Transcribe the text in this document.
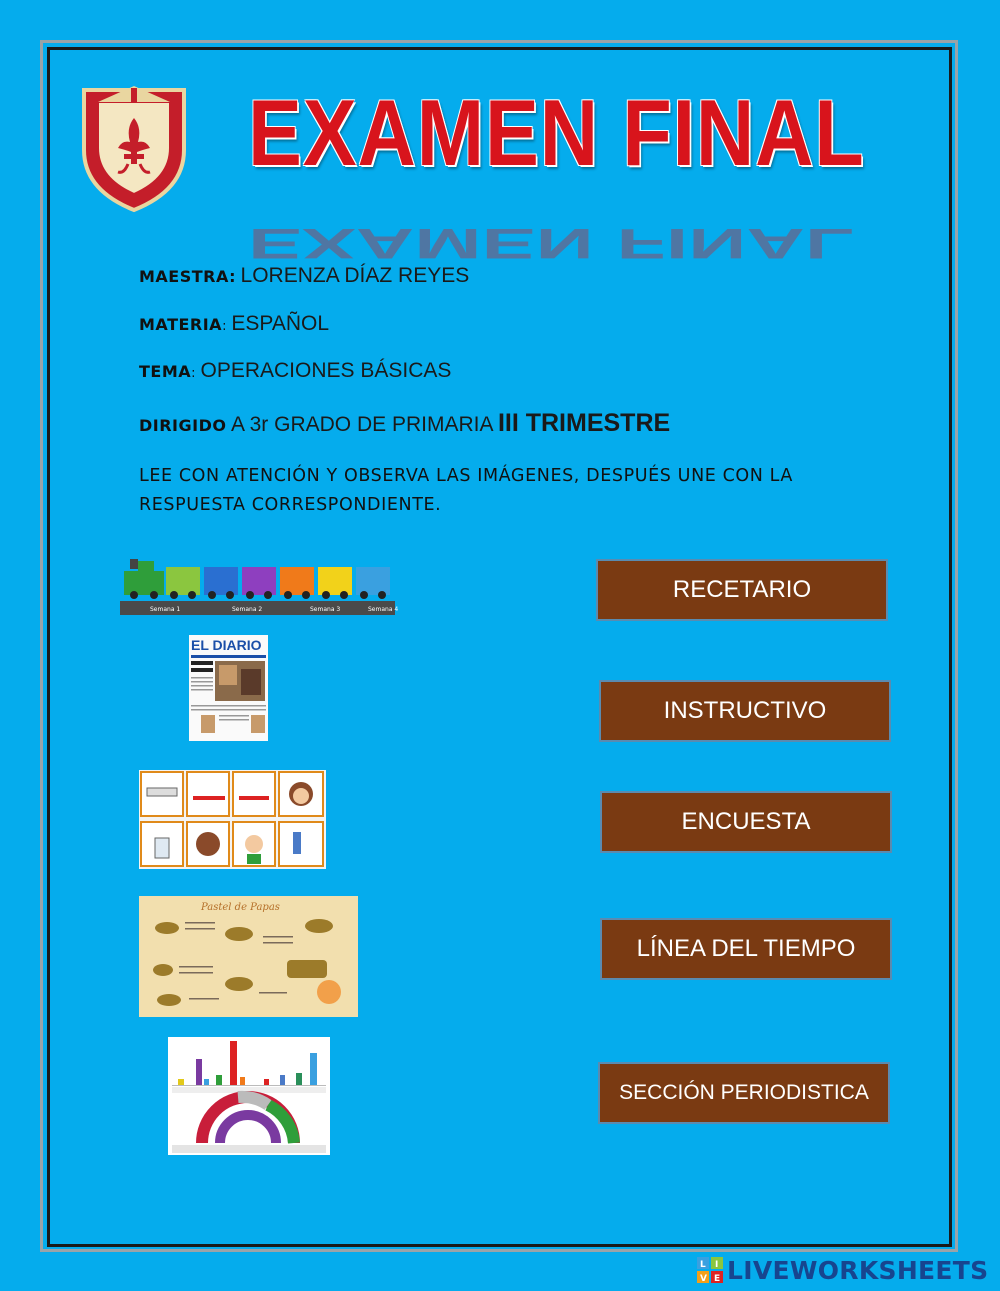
EXAMEN FINAL
EXAMEN FINAL
MAESTRA: LORENZA DÍAZ REYES
MATERIA: ESPAÑOL
TEMA: OPERACIONES BÁSICAS
DIRIGIDO A 3r GRADO DE PRIMARIA III TRIMESTRE
LEE CON ATENCIÓN Y OBSERVA LAS IMÁGENES, DESPUÉS UNE CON LA RESPUESTA CORRESPONDIENTE.
Semana 1	Semana 2	Semana 3	Semana 4
EL DIARIO
Pastel de Papas
RECETARIO
INSTRUCTIVO
ENCUESTA
LÍNEA DEL TIEMPO
SECCIÓN PERIODISTICA
L I
V E LIVEWORKSHEETS
